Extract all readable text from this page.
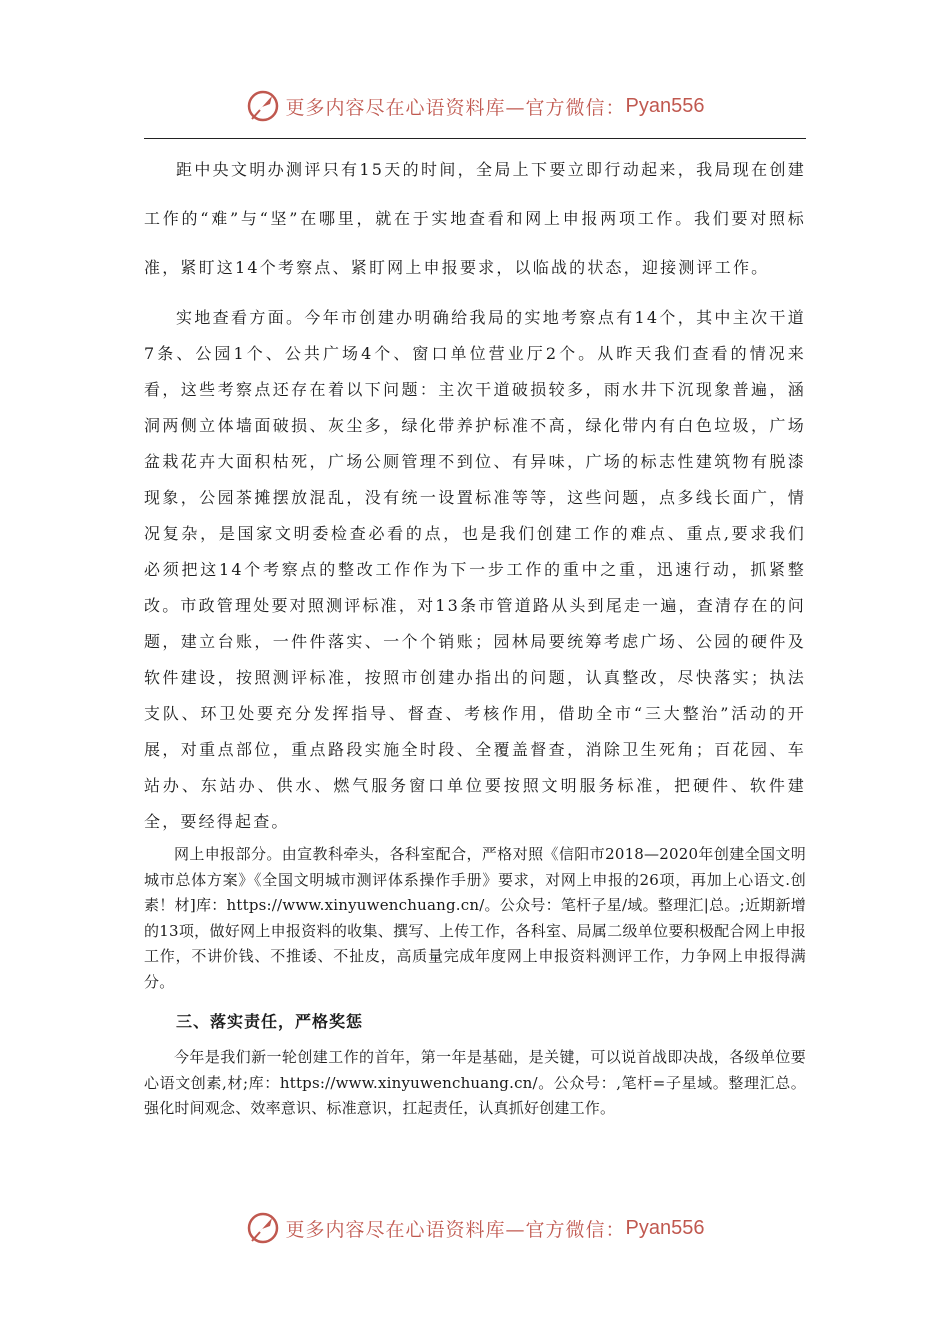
更多内容尽在心语资料库—官方微信： Pyan556

距中央文明办测评只有15天的时间，全局上下要立即行动起来，我局现在创建工作的“难”与“坚”在哪里，就在于实地查看和网上申报两项工作。我们要对照标准，紧盯这14个考察点、紧盯网上申报要求，以临战的状态，迎接测评工作。

实地查看方面。今年市创建办明确给我局的实地考察点有14个，其中主次干道7条、公园1个、公共广场4个、窗口单位营业厅2个。从昨天我们查看的情况来看，这些考察点还存在着以下问题：主次干道破损较多，雨水井下沉现象普遍，涵洞两侧立体墙面破损、灰尘多，绿化带养护标准不高，绿化带内有白色垃圾，广场盆栽花卉大面积枯死，广场公厕管理不到位、有异味，广场的标志性建筑物有脱漆现象，公园茶摊摆放混乱，没有统一设置标准等等，这些问题，点多线长面广，情况复杂，是国家文明委检查必看的点，也是我们创建工作的难点、重点,要求我们必须把这14个考察点的整改工作作为下一步工作的重中之重，迅速行动，抓紧整改。市政管理处要对照测评标准，对13条市管道路从头到尾走一遍，查清存在的问题，建立台账，一件件落实、一个个销账；园林局要统筹考虑广场、公园的硬件及软件建设，按照测评标准，按照市创建办指出的问题，认真整改，尽快落实；执法支队、环卫处要充分发挥指导、督查、考核作用，借助全市“三大整治”活动的开展，对重点部位，重点路段实施全时段、全覆盖督查，消除卫生死角；百花园、车站办、东站办、供水、燃气服务窗口单位要按照文明服务标准，把硬件、软件建全，要经得起查。

网上申报部分。由宣教科牵头，各科室配合，严格对照《信阳市2018—2020年创建全国文明城市总体方案》《全国文明城市测评体系操作手册》要求，对网上申报的26项，再加上心语文.创素！材]库：https://www.xinyuwenchuang.cn/。公众号：笔杆子星/域。整理汇|总。;近期新增的13项，做好网上申报资料的收集、撰写、上传工作，各科室、局属二级单位要积极配合网上申报工作，不讲价钱、不推诿、不扯皮，高质量完成年度网上申报资料测评工作，力争网上申报得满分。

三、落实责任，严格奖惩

今年是我们新一轮创建工作的首年，第一年是基础，是关键，可以说首战即决战，各级单位要心语文创素,材;库：https://www.xinyuwenchuang.cn/。公众号：,笔杆=子星域。整理汇总。强化时间观念、效率意识、标准意识，扛起责任，认真抓好创建工作。

更多内容尽在心语资料库—官方微信： Pyan556
